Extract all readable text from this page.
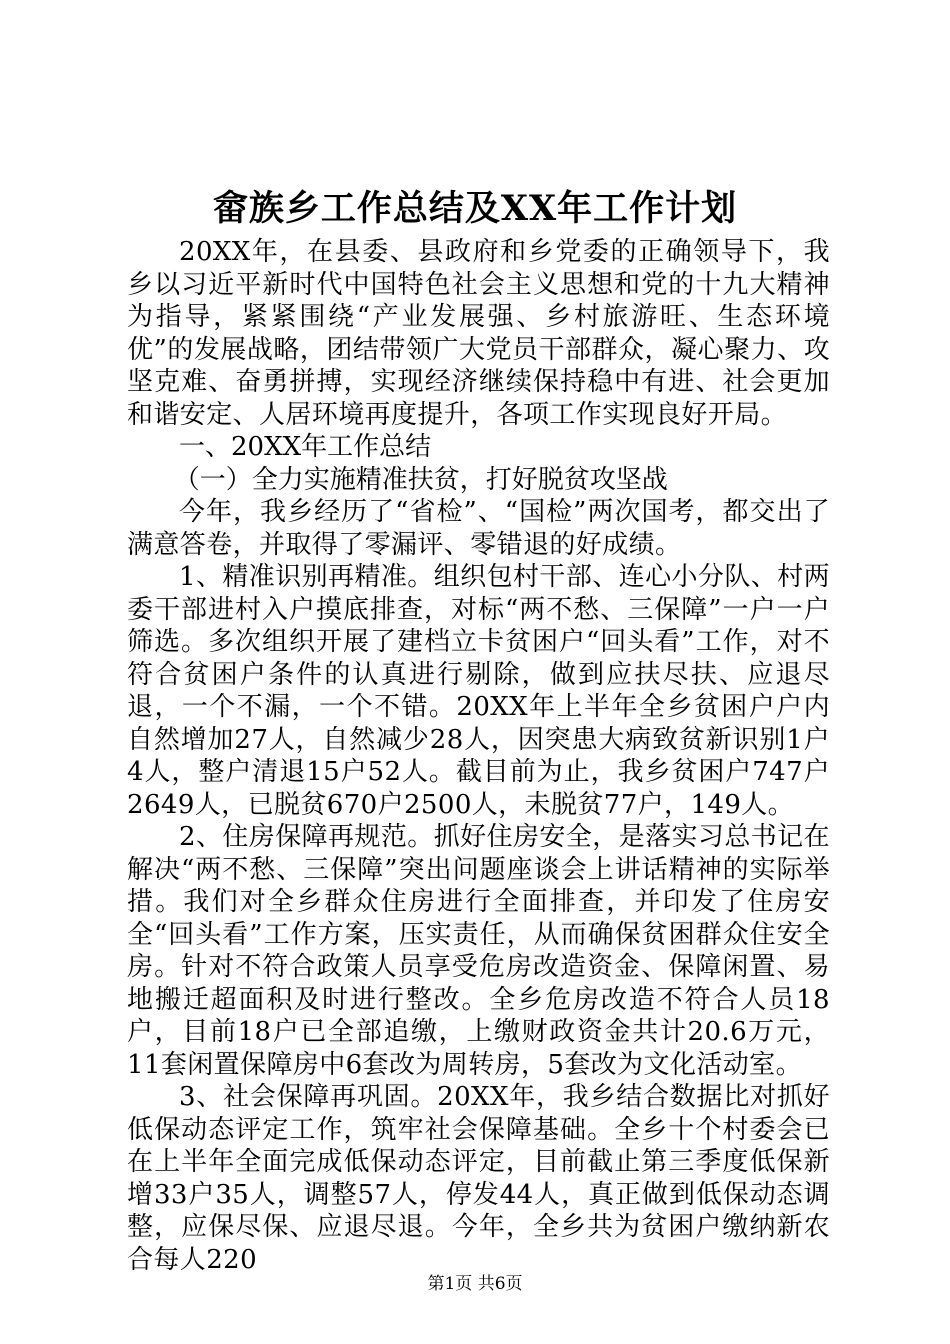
畲族乡工作总结及XX年工作计划

20XX年，在县委、县政府和乡党委的正确领导下，我乡以习近平新时代中国特色社会主义思想和党的十九大精神为指导，紧紧围绕“产业发展强、乡村旅游旺、生态环境优”的发展战略，团结带领广大党员干部群众，凝心聚力、攻坚克难、奋勇拼搏，实现经济继续保持稳中有进、社会更加和谐安定、人居环境再度提升，各项工作实现良好开局。

一、20XX年工作总结

（一）全力实施精准扶贫，打好脱贫攻坚战

今年，我乡经历了“省检”、“国检”两次国考，都交出了满意答卷，并取得了零漏评、零错退的好成绩。

1、精准识别再精准。组织包村干部、连心小分队、村两委干部进村入户摸底排查，对标“两不愁、三保障”一户一户筛选。多次组织开展了建档立卡贫困户“回头看”工作，对不符合贫困户条件的认真进行剔除，做到应扶尽扶、应退尽退，一个不漏，一个不错。20XX年上半年全乡贫困户户内自然增加27人，自然减少28人，因突患大病致贫新识别1户4人，整户清退15户52人。截目前为止，我乡贫困户747户2649人，已脱贫670户2500人，未脱贫77户，149人。

2、住房保障再规范。抓好住房安全，是落实习总书记在解决“两不愁、三保障”突出问题座谈会上讲话精神的实际举措。我们对全乡群众住房进行全面排查，并印发了住房安全“回头看”工作方案，压实责任，从而确保贫困群众住安全房。针对不符合政策人员享受危房改造资金、保障闲置、易地搬迁超面积及时进行整改。全乡危房改造不符合人员18户，目前18户已全部追缴，上缴财政资金共计20.6万元，11套闲置保障房中6套改为周转房，5套改为文化活动室。

3、社会保障再巩固。20XX年，我乡结合数据比对抓好低保动态评定工作，筑牢社会保障基础。全乡十个村委会已在上半年全面完成低保动态评定，目前截止第三季度低保新增33户35人，调整57人，停发44人，真正做到低保动态调整，应保尽保、应退尽退。今年，全乡共为贫困户缴纳新农合每人220

第1页 共6页
